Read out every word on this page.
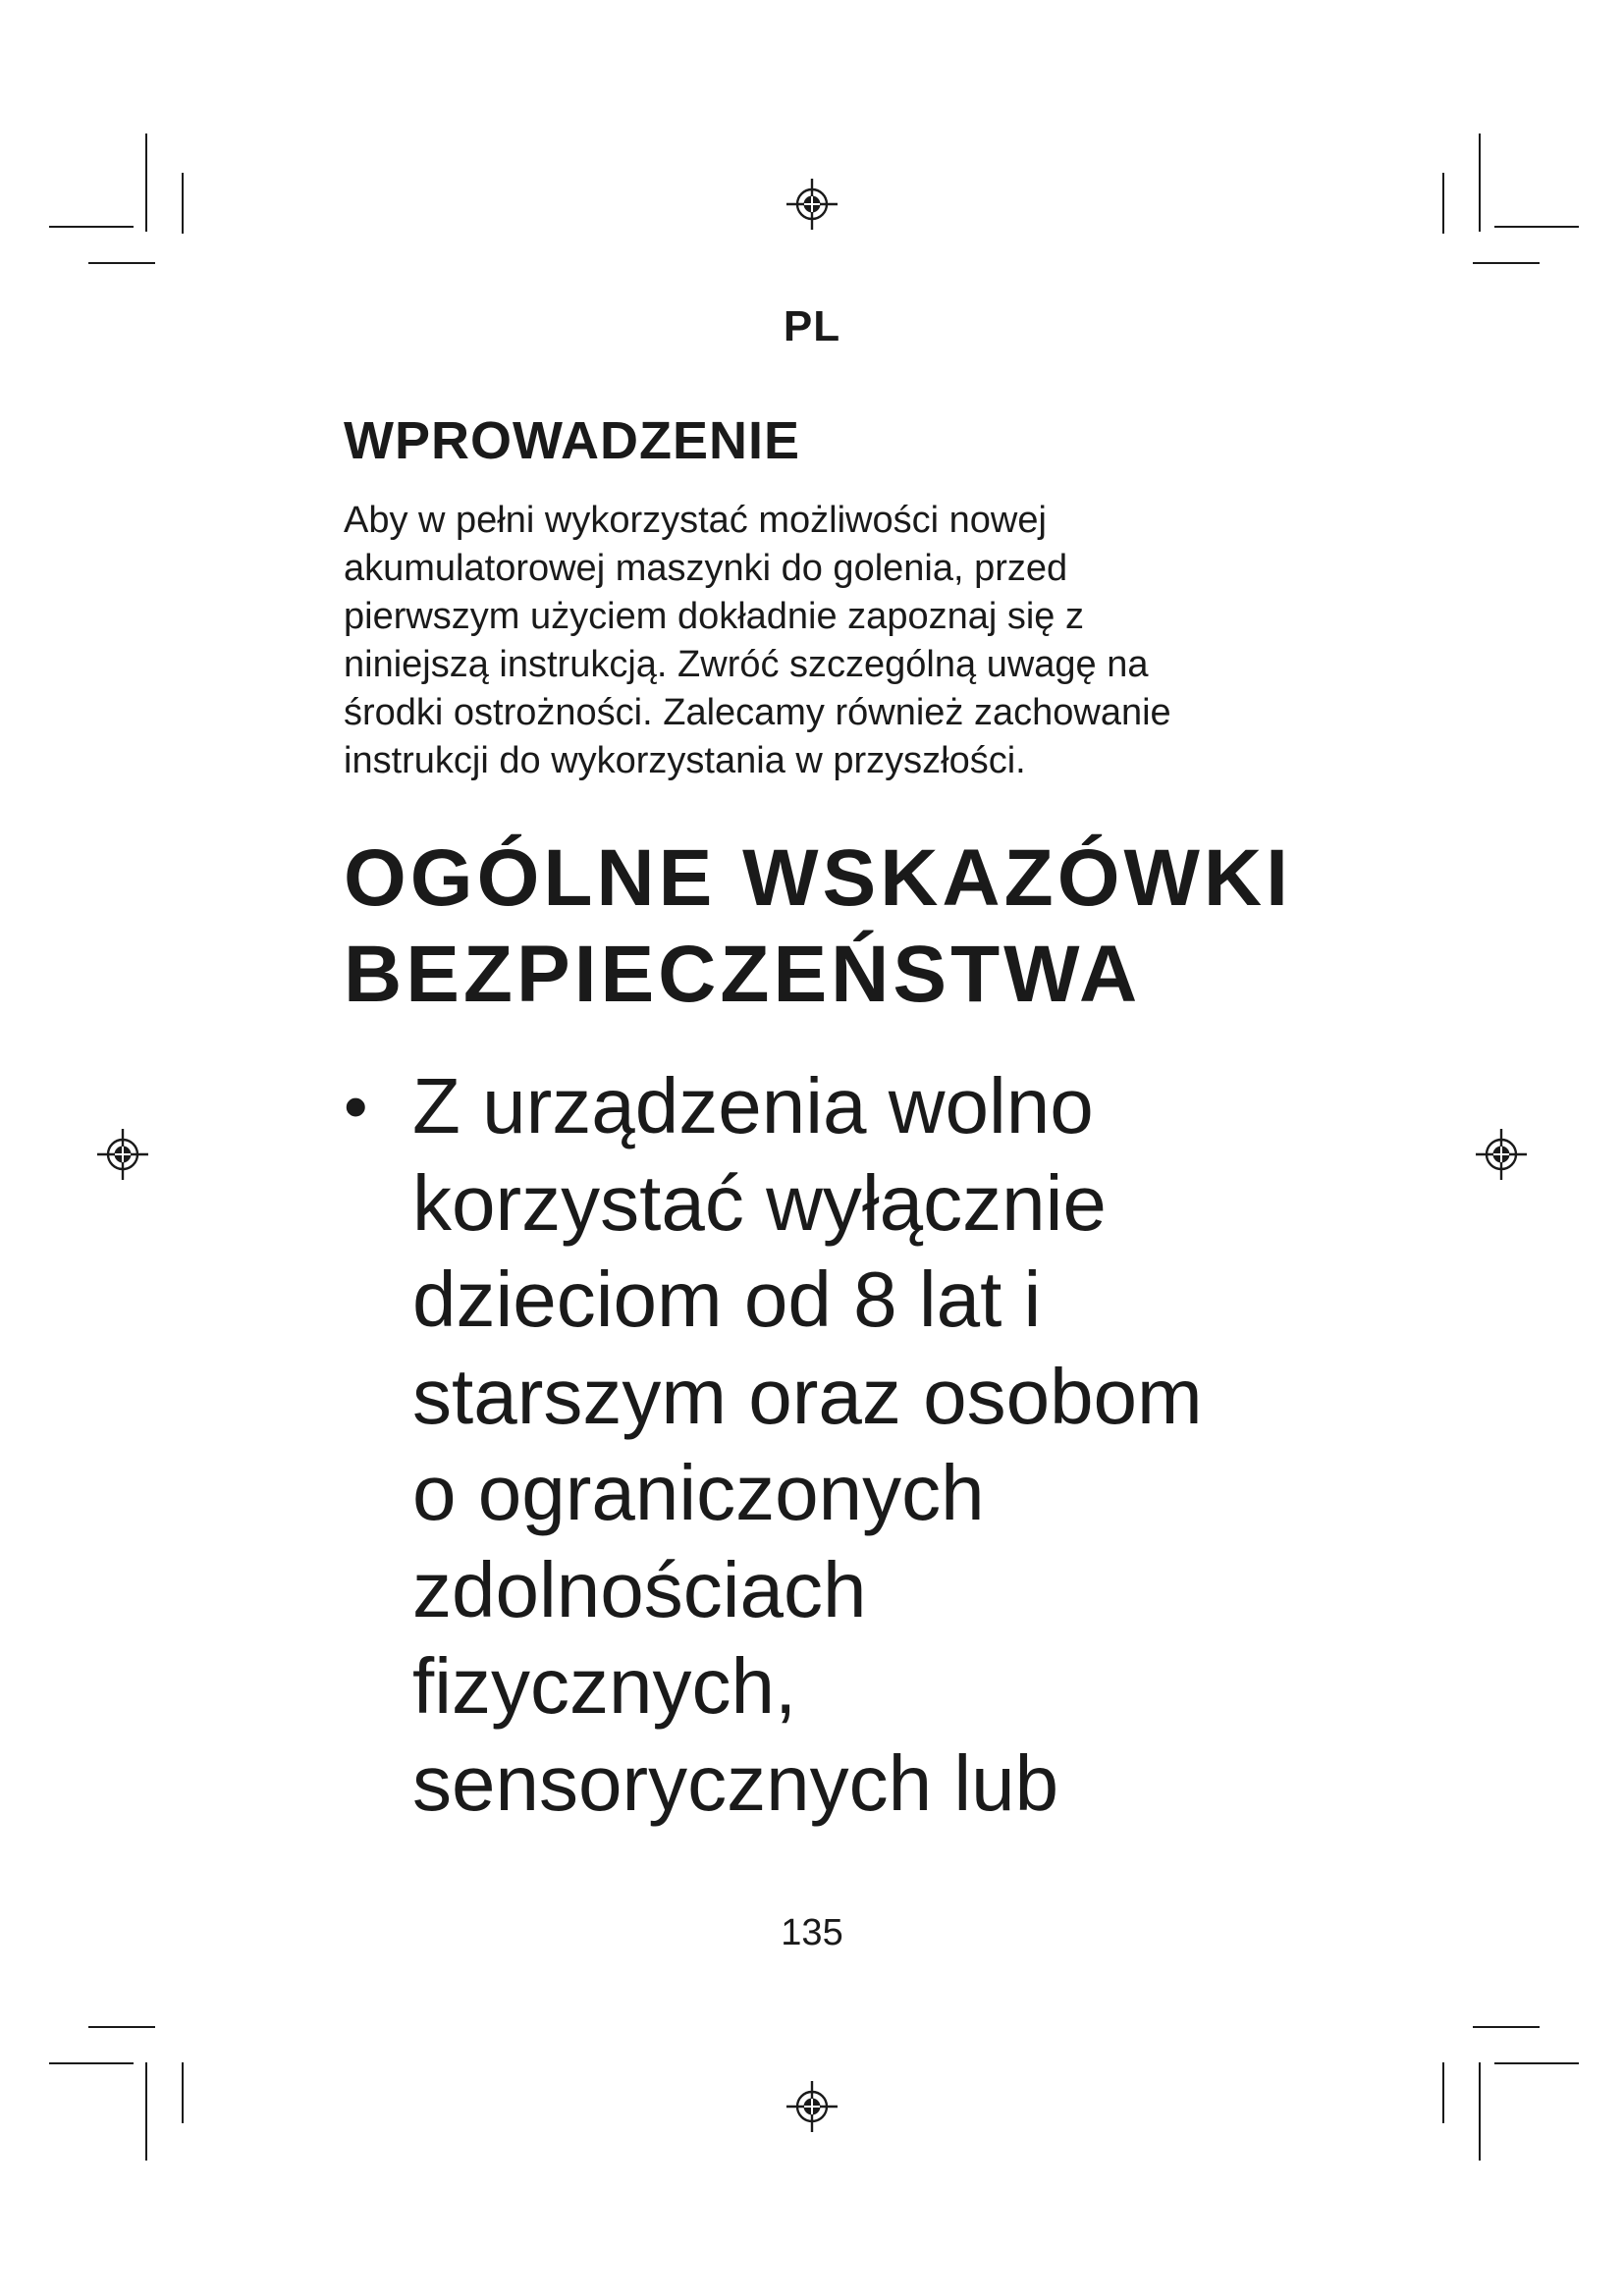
PL
WPROWADZENIE

Aby w pełni wykorzystać możliwości nowej
akumulatorowej maszynki do golenia, przed
pierwszym użyciem dokładnie zapoznaj się z
niniejszą instrukcją. Zwróć szczególną uwagę na
środki ostrożności. Zalecamy również zachowanie
instrukcji do wykorzystania w przyszłości.

OGÓLNE WSKAZÓWKI
BEZPIECZEŃSTWA
• Z urządzenia wolno
korzystać wyłącznie
dzieciom od 8 lat i
starszym oraz osobom
o ograniczonych
zdolnościach
fizycznych,
sensorycznych lub

135
